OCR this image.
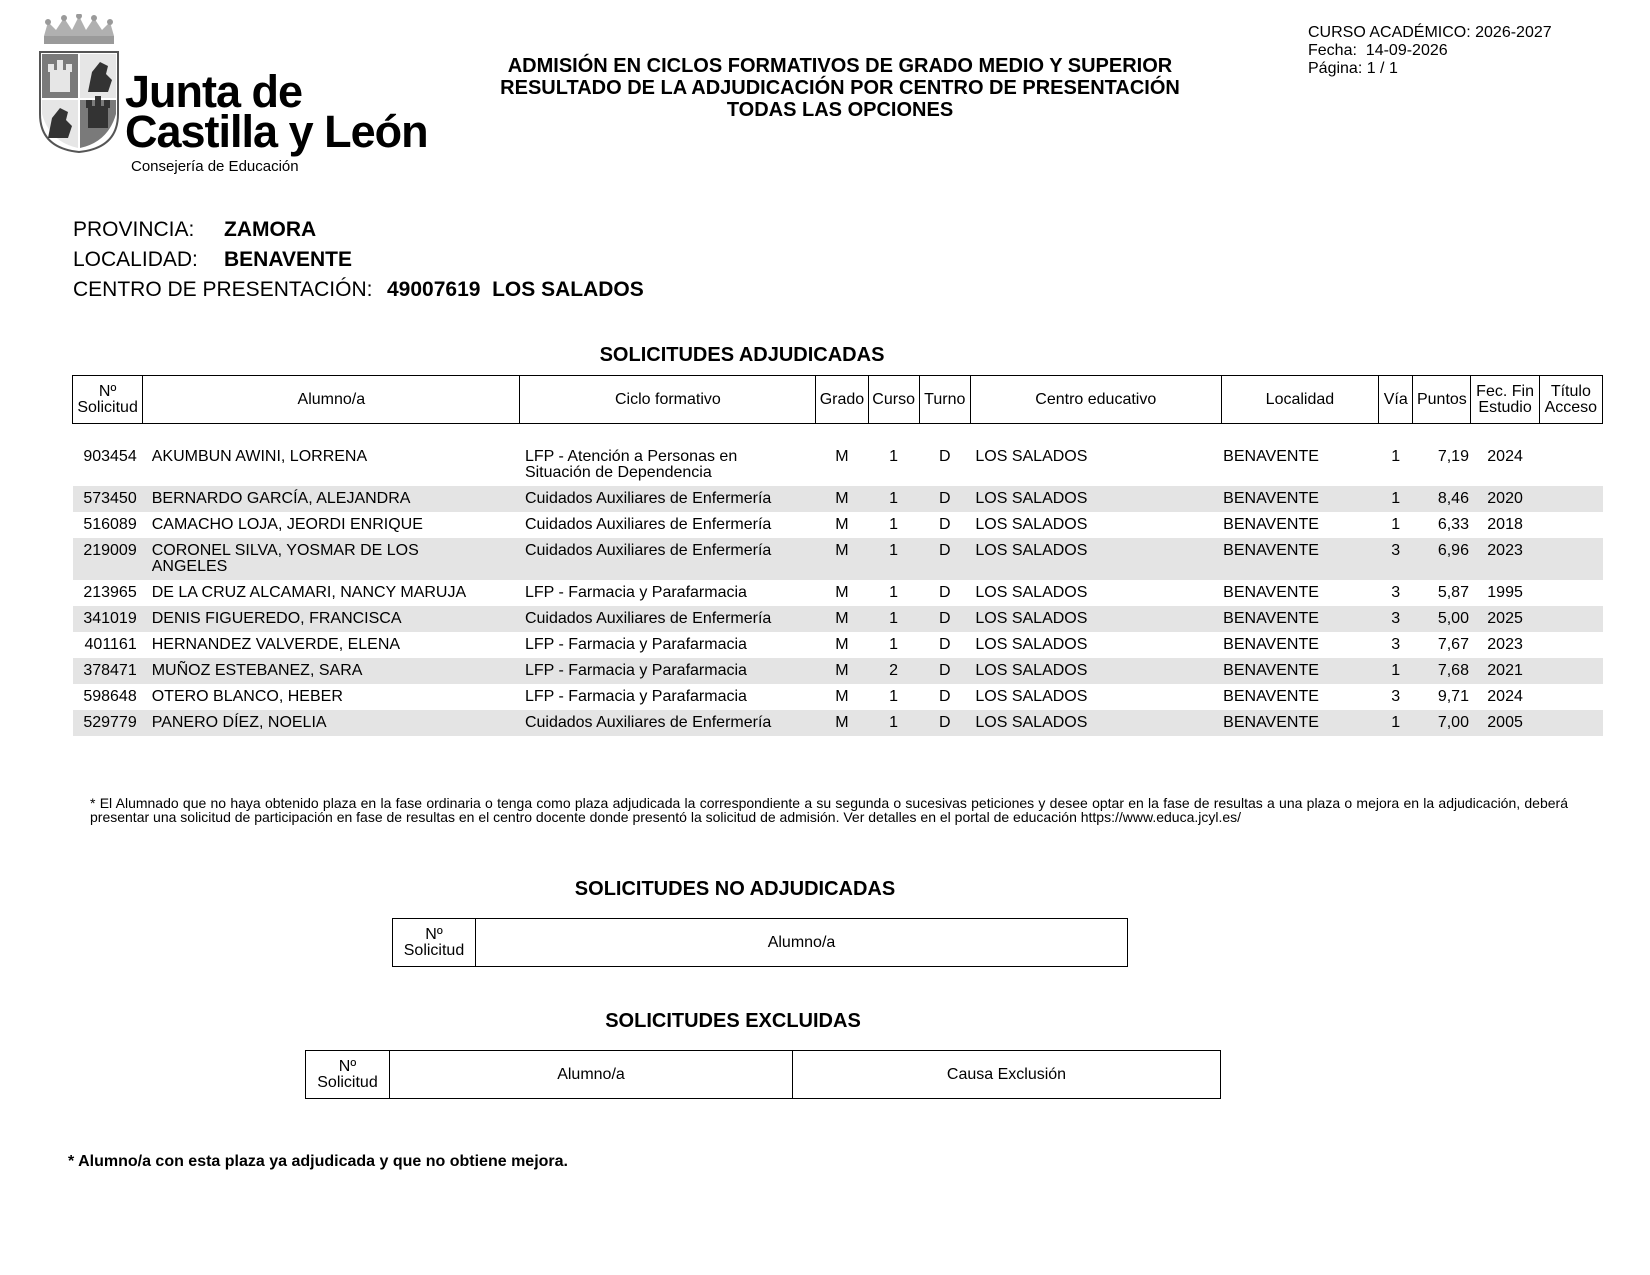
Junta de
Castilla y León
Consejería de Educación
ADMISIÓN EN CICLOS FORMATIVOS DE GRADO MEDIO Y SUPERIOR
RESULTADO DE LA ADJUDICACIÓN POR CENTRO DE PRESENTACIÓN
TODAS LAS OPCIONES
CURSO ACADÉMICO: 2026-2027
Fecha:  14-09-2026
Página: 1 / 1
PROVINCIA: ZAMORA
LOCALIDAD: BENAVENTE
CENTRO DE PRESENTACIÓN: 49007619  LOS SALADOS
SOLICITUDES ADJUDICADAS
Nº
Solicitud	Alumno/a	Ciclo formativo	Grado	Curso	Turno	Centro educativo	Localidad	Vía	Puntos	Fec. Fin
Estudio	Título
Acceso

903454	AKUMBUN AWINI, LORRENA	LFP - Atención a Personas en
Situación de Dependencia	M	1	D	LOS SALADOS	BENAVENTE	1	7,19	2024	
573450	BERNARDO GARCÍA, ALEJANDRA	Cuidados Auxiliares de Enfermería	M	1	D	LOS SALADOS	BENAVENTE	1	8,46	2020	
516089	CAMACHO LOJA, JEORDI ENRIQUE	Cuidados Auxiliares de Enfermería	M	1	D	LOS SALADOS	BENAVENTE	1	6,33	2018	
219009	CORONEL SILVA, YOSMAR DE LOS
ANGELES	Cuidados Auxiliares de Enfermería	M	1	D	LOS SALADOS	BENAVENTE	3	6,96	2023	
213965	DE LA CRUZ ALCAMARI, NANCY MARUJA	LFP - Farmacia y Parafarmacia	M	1	D	LOS SALADOS	BENAVENTE	3	5,87	1995	
341019	DENIS FIGUEREDO, FRANCISCA	Cuidados Auxiliares de Enfermería	M	1	D	LOS SALADOS	BENAVENTE	3	5,00	2025	
401161	HERNANDEZ VALVERDE, ELENA	LFP - Farmacia y Parafarmacia	M	1	D	LOS SALADOS	BENAVENTE	3	7,67	2023	
378471	MUÑOZ ESTEBANEZ, SARA	LFP - Farmacia y Parafarmacia	M	2	D	LOS SALADOS	BENAVENTE	1	7,68	2021	
598648	OTERO BLANCO, HEBER	LFP - Farmacia y Parafarmacia	M	1	D	LOS SALADOS	BENAVENTE	3	9,71	2024	
529779	PANERO DÍEZ, NOELIA	Cuidados Auxiliares de Enfermería	M	1	D	LOS SALADOS	BENAVENTE	1	7,00	2005	
* El Alumnado que no haya obtenido plaza en la fase ordinaria o tenga como plaza adjudicada la correspondiente a su segunda o sucesivas peticiones y desee optar en la fase de resultas a una plaza o mejora en la adjudicación, deberá presentar una solicitud de participación en fase de resultas en el centro docente donde presentó la solicitud de admisión. Ver detalles en el portal de educación https://www.educa.jcyl.es/
SOLICITUDES NO ADJUDICADAS
Nº
Solicitud	Alumno/a
SOLICITUDES EXCLUIDAS
Nº
Solicitud	Alumno/a	Causa Exclusión
* Alumno/a con esta plaza ya adjudicada y que no obtiene mejora.
